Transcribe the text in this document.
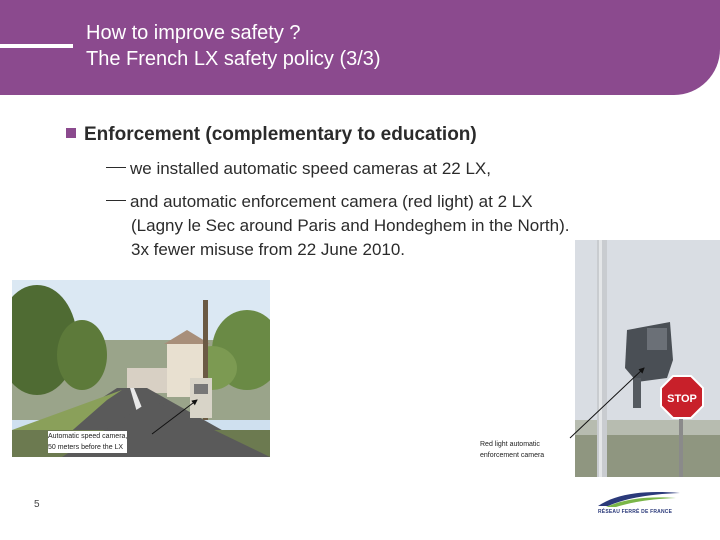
How to improve safety ?
The French LX safety policy (3/3)
Enforcement (complementary to education)
we installed automatic speed cameras at 22 LX,
and automatic enforcement camera (red light) at 2 LX
(Lagny le Sec around Paris and Hondeghem in the North).
3x fewer misuse from 22 June 2010.
STOP
Automatic speed camera,
50 meters before the LX	Red light automatic
enforcement camera
5
RÉSEAU FERRÉ DE FRANCE
